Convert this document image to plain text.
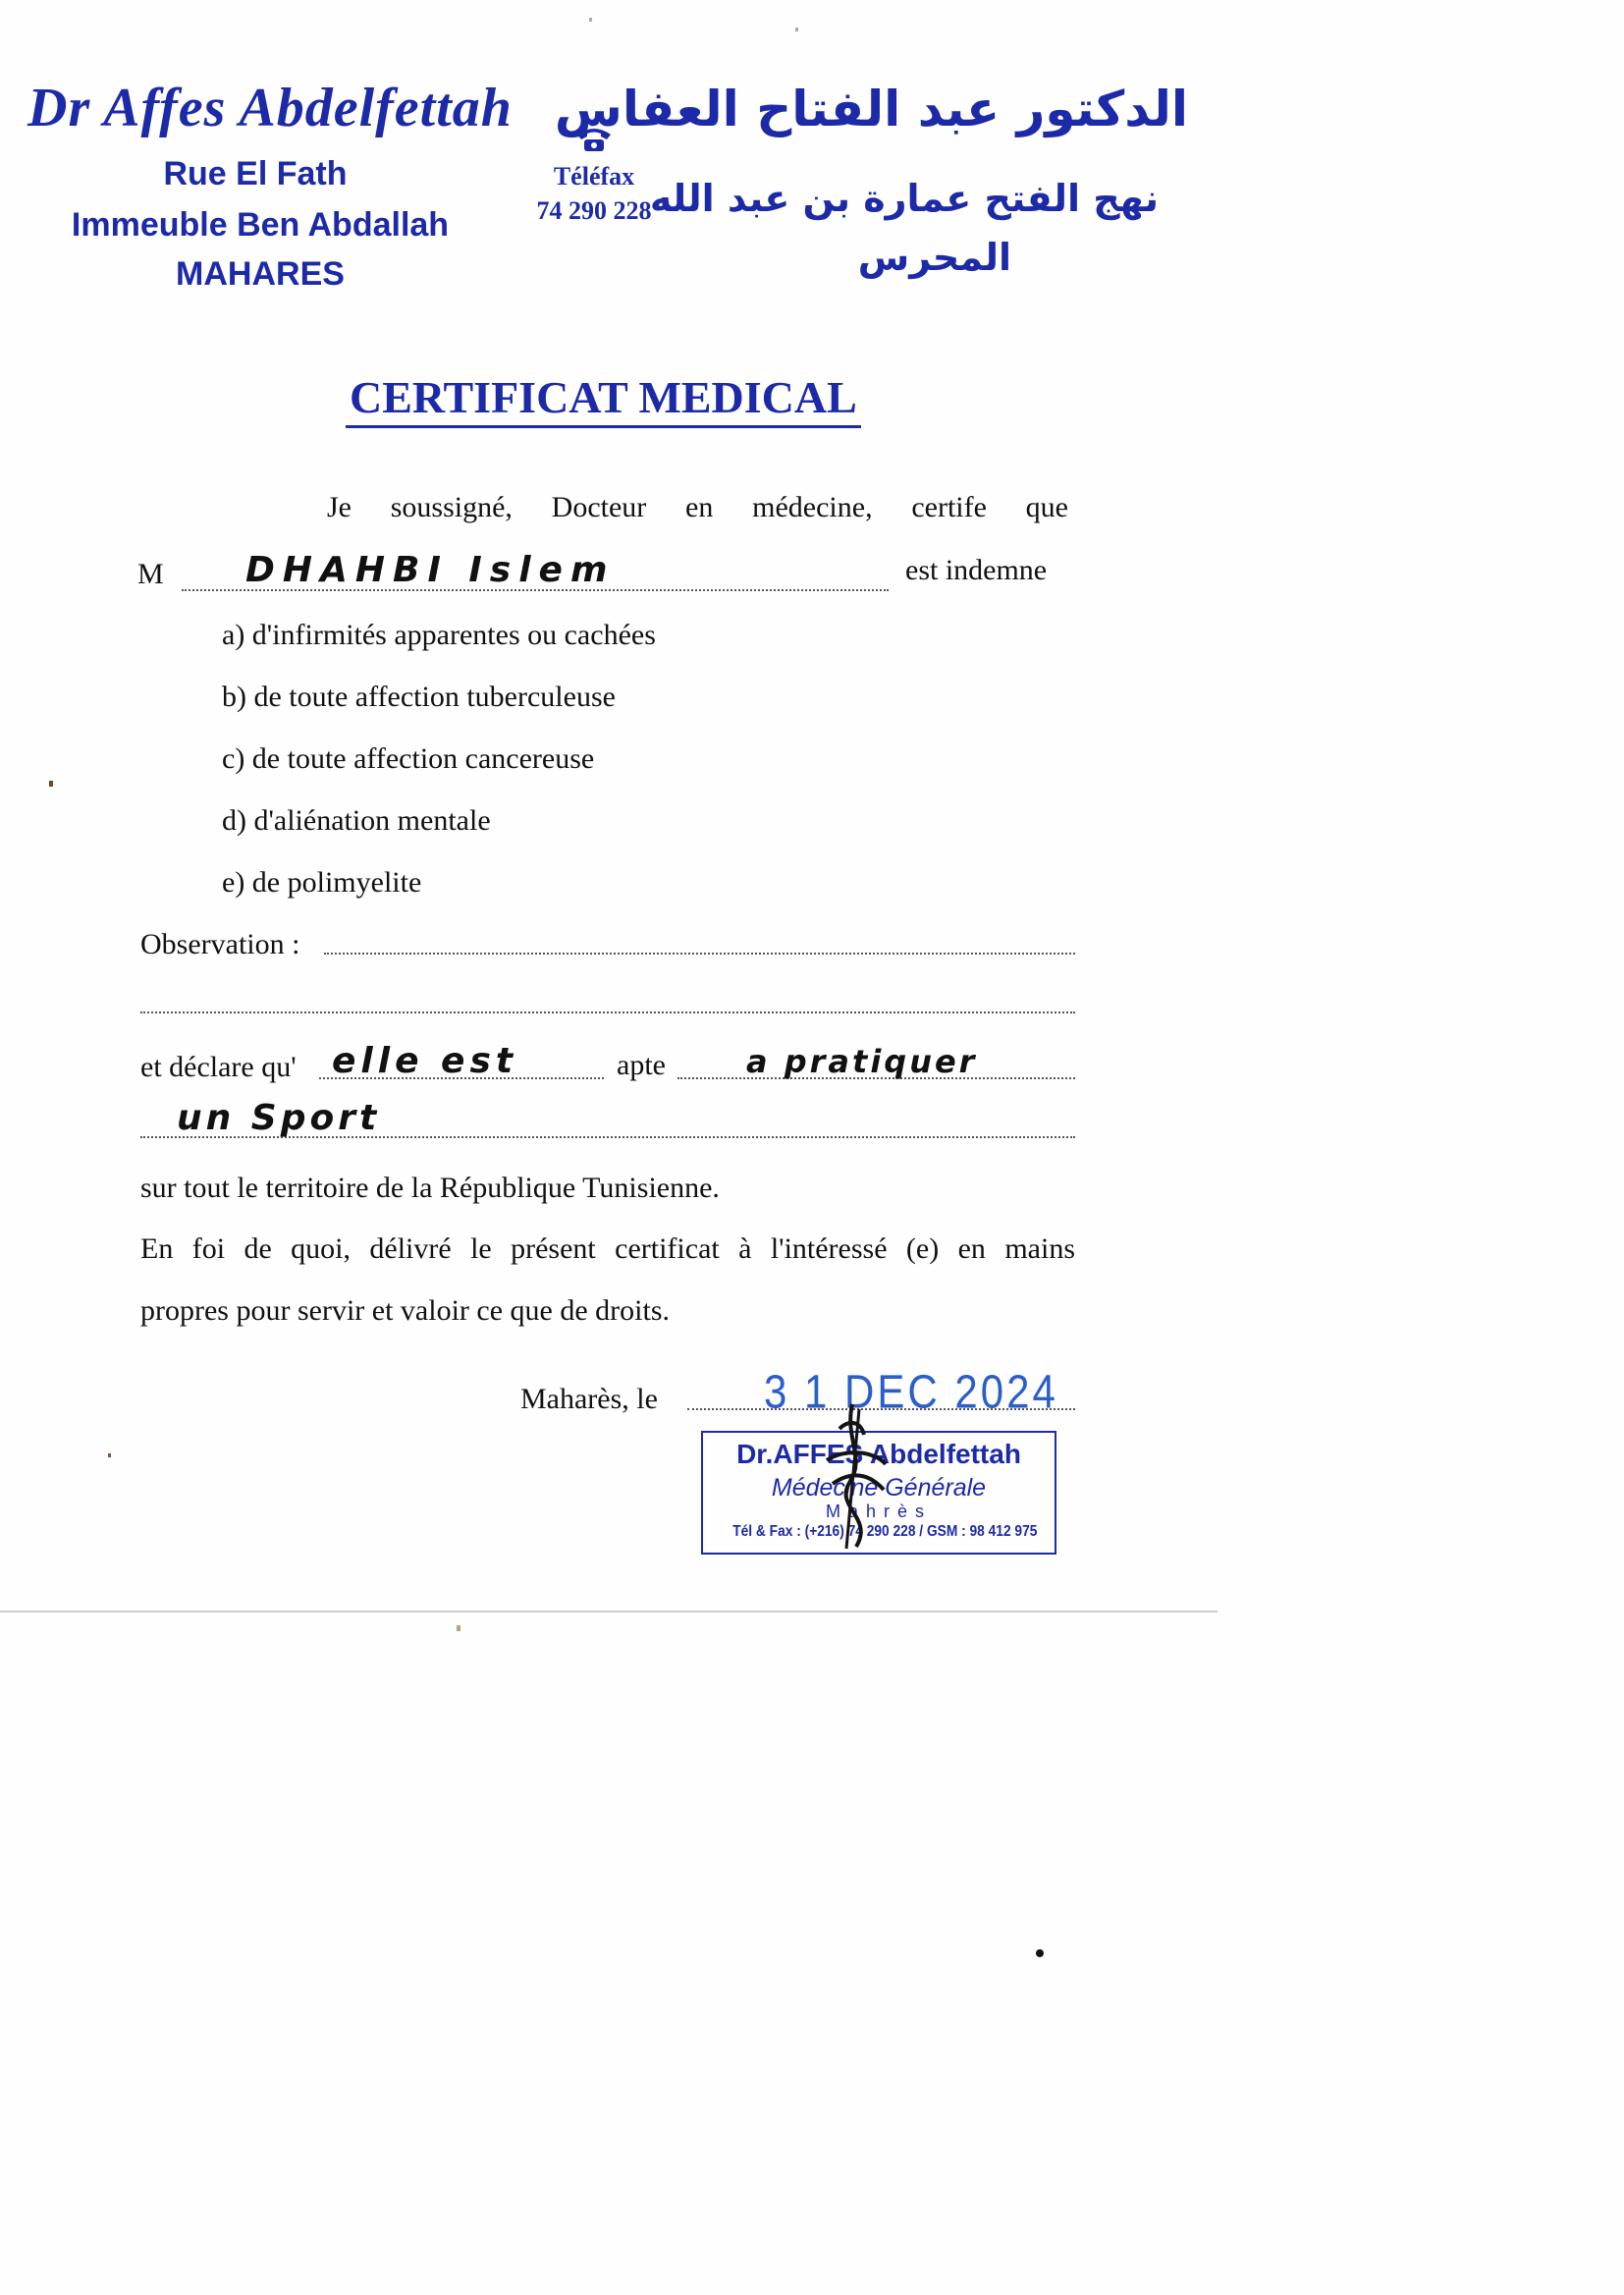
Dr Affes Abdelfettah
Rue El Fath
Immeuble Ben Abdallah
MAHARES
Téléfax
74 290 228
الدكتور عبد الفتاح العفاس
نهج الفتح عمارة بن عبد الله
المحرس
CERTIFICAT MEDICAL
Je soussigné, Docteur en médecine, certife que
M DHAHBI Islem	est indemne
a) d'infirmités apparentes ou cachées
b) de toute affection tuberculeuse
c) de toute affection cancereuse
d) d'aliénation mentale
e) de polimyelite
Observation :
et déclare qu' elle est	apte	a pratiquer
un Sport
sur tout le territoire de la République Tunisienne.
En foi de quoi, délivré le présent certificat à l'intéressé (e) en mains
propres pour servir et valoir ce que de droits.
Maharès, le	3 1 DEC 2024
Dr.AFFES Abdelfettah
Médecine Générale
Mahrès
Tél & Fax : (+216) 74 290 228 / GSM : 98 412 975
